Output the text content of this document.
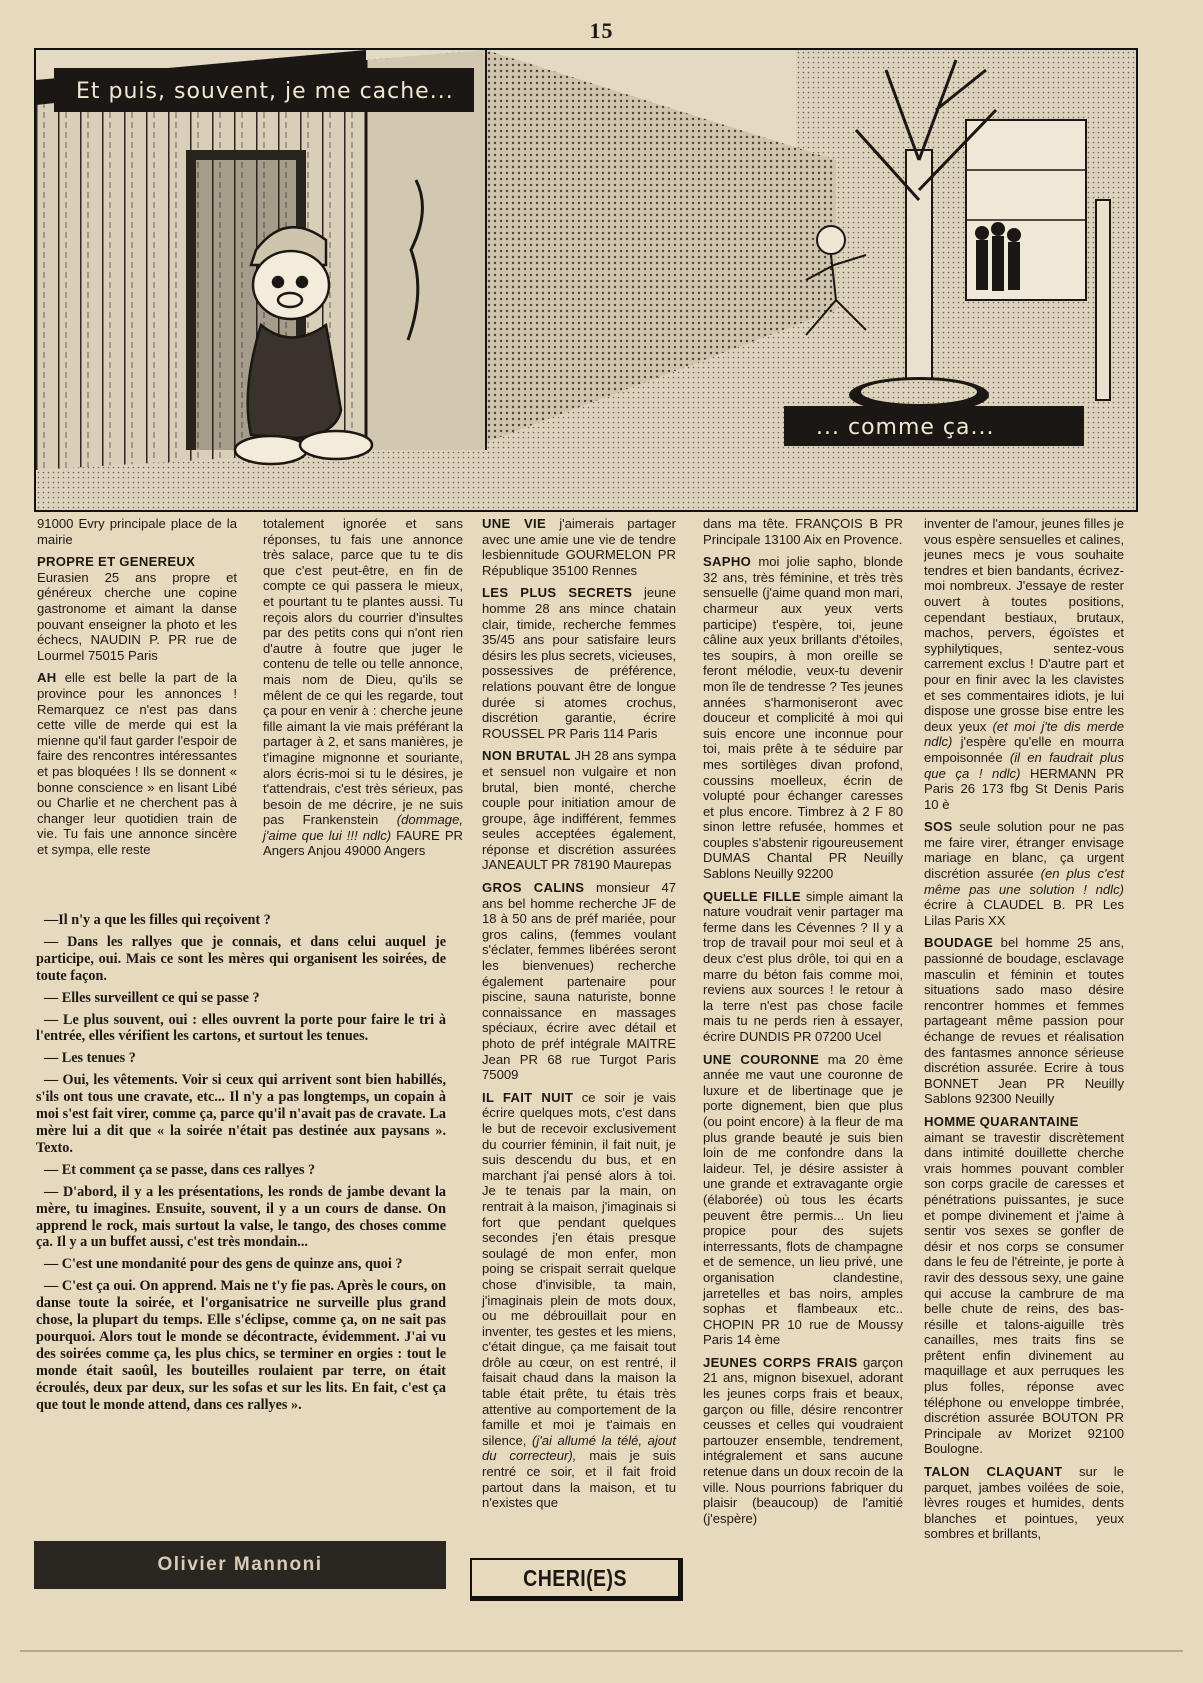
15
Et puis, souvent, je me cache...
... comme ça...

91000 Evry principale place de la mairie

PROPRE ET GENEREUX
Eurasien 25 ans propre et généreux cherche une copine gastronome et aimant la danse pouvant enseigner la photo et les échecs, NAUDIN P. PR rue de Lourmel 75015 Paris

AH elle est belle la part de la province pour les annonces ! Remarquez ce n'est pas dans cette ville de merde qui est la mienne qu'il faut garder l'espoir de faire des rencontres intéressantes et pas bloquées ! Ils se donnent « bonne conscience » en lisant Libé ou Charlie et ne cherchent pas à changer leur quotidien train de vie. Tu fais une annonce sincère et sympa, elle reste

totalement ignorée et sans réponses, tu fais une annonce très salace, parce que tu te dis que c'est peut-être, en fin de compte ce qui passera le mieux, et pourtant tu te plantes aussi. Tu reçois alors du courrier d'insultes par des petits cons qui n'ont rien d'autre à foutre que juger le contenu de telle ou telle annonce, mais nom de Dieu, qu'ils se mêlent de ce qui les regarde, tout ça pour en venir à : cherche jeune fille aimant la vie mais préférant la partager à 2, et sans manières, je t'imagine mignonne et souriante, alors écris-moi si tu le désires, je t'attendrais, c'est très sérieux, pas besoin de me décrire, je ne suis pas Frankenstein (dommage, j'aime que lui !!! ndlc) FAURE PR Angers Anjou 49000 Angers

—Il n'y a que les filles qui reçoivent ?

— Dans les rallyes que je connais, et dans celui auquel je participe, oui. Mais ce sont les mères qui organisent les soirées, de toute façon.

— Elles surveillent ce qui se passe ?

— Le plus souvent, oui : elles ouvrent la porte pour faire le tri à l'entrée, elles vérifient les cartons, et surtout les tenues.

— Les tenues ?

— Oui, les vêtements. Voir si ceux qui arrivent sont bien habillés, s'ils ont tous une cravate, etc... Il n'y a pas longtemps, un copain à moi s'est fait virer, comme ça, parce qu'il n'avait pas de cravate. La mère lui a dit que « la soirée n'était pas destinée aux paysans ». Texto.

— Et comment ça se passe, dans ces rallyes ?

— D'abord, il y a les présentations, les ronds de jambe devant la mère, tu imagines. Ensuite, souvent, il y a un cours de danse. On apprend le rock, mais surtout la valse, le tango, des choses comme ça. Il y a un buffet aussi, c'est très mondain...

— C'est une mondanité pour des gens de quinze ans, quoi ?

— C'est ça oui. On apprend. Mais ne t'y fie pas. Après le cours, on danse toute la soirée, et l'organisatrice ne surveille plus grand chose, la plupart du temps. Elle s'éclipse, comme ça, on ne sait pas pourquoi. Alors tout le monde se décontracte, évidemment. J'ai vu des soirées comme ça, les plus chics, se terminer en orgies : tout le monde était saoûl, les bouteilles roulaient par terre, on était écroulés, deux par deux, sur les sofas et sur les lits. En fait, c'est ça que tout le monde attend, dans ces rallyes ».

Olivier Mannoni

UNE VIE j'aimerais partager avec une amie une vie de tendre lesbiennitude GOURMELON PR République 35100 Rennes

LES PLUS SECRETS jeune homme 28 ans mince chatain clair, timide, recherche femmes 35/45 ans pour satisfaire leurs désirs les plus secrets, vicieuses, possessives de préférence, relations pouvant être de longue durée si atomes crochus, discrétion garantie, écrire ROUSSEL PR Paris 114 Paris

NON BRUTAL JH 28 ans sympa et sensuel non vulgaire et non brutal, bien monté, cherche couple pour initiation amour de groupe, âge indifférent, femmes seules acceptées également, réponse et discrétion assurées JANEAULT PR 78190 Maurepas

GROS CALINS monsieur 47 ans bel homme recherche JF de 18 à 50 ans de préf mariée, pour gros calins, (femmes voulant s'éclater, femmes libérées seront les bienvenues) recherche également partenaire pour piscine, sauna naturiste, bonne connaissance en massages spéciaux, écrire avec détail et photo de préf intégrale MAITRE Jean PR 68 rue Turgot Paris 75009

IL FAIT NUIT ce soir je vais écrire quelques mots, c'est dans le but de recevoir exclusivement du courrier féminin, il fait nuit, je suis descendu du bus, et en marchant j'ai pensé alors à toi. Je te tenais par la main, on rentrait à la maison, j'imaginais si fort que pendant quelques secondes j'en étais presque soulagé de mon enfer, mon poing se crispait serrait quelque chose d'invisible, ta main, j'imaginais plein de mots doux, ou me débrouillait pour en inventer, tes gestes et les miens, c'était dingue, ça me faisait tout drôle au cœur, on est rentré, il faisait chaud dans la maison la table était prête, tu étais très attentive au comportement de la famille et moi je t'aimais en silence, (j'ai allumé la télé, ajout du correcteur), mais je suis rentré ce soir, et il fait froid partout dans la maison, et tu n'existes que

CHERI(E)S

dans ma tête. FRANÇOIS B PR Principale 13100 Aix en Provence.

SAPHO moi jolie sapho, blonde 32 ans, très féminine, et très très sensuelle (j'aime quand mon mari, charmeur aux yeux verts participe) t'espère, toi, jeune câline aux yeux brillants d'étoiles, tes soupirs, à mon oreille se feront mélodie, veux-tu devenir mon île de tendresse ? Tes jeunes années s'harmoniseront avec douceur et complicité à moi qui suis encore une inconnue pour toi, mais prête à te séduire par mes sortilèges divan profond, coussins moelleux, écrin de volupté pour échanger caresses et plus encore. Timbrez à 2 F 80 sinon lettre refusée, hommes et couples s'abstenir rigoureusement DUMAS Chantal PR Neuilly Sablons Neuilly 92200

QUELLE FILLE simple aimant la nature voudrait venir partager ma ferme dans les Cévennes ? Il y a trop de travail pour moi seul et à deux c'est plus drôle, toi qui en a marre du béton fais comme moi, reviens aux sources ! le retour à la terre n'est pas chose facile mais tu ne perds rien à essayer, écrire DUNDIS PR 07200 Ucel

UNE COURONNE ma 20 ème année me vaut une couronne de luxure et de libertinage que je porte dignement, bien que plus (ou point encore) à la fleur de ma plus grande beauté je suis bien loin de me confondre dans la laideur. Tel, je désire assister à une grande et extravagante orgie (élaborée) où tous les écarts peuvent être permis... Un lieu propice pour des sujets interressants, flots de champagne et de semence, un lieu privé, une organisation clandestine, jarretelles et bas noirs, amples sophas et flambeaux etc.. CHOPIN PR 10 rue de Moussy Paris 14 ème

JEUNES CORPS FRAIS garçon 21 ans, mignon bisexuel, adorant les jeunes corps frais et beaux, garçon ou fille, désire rencontrer ceusses et celles qui voudraient partouzer ensemble, tendrement, intégralement et sans aucune retenue dans un doux recoin de la ville. Nous pourrions fabriquer du plaisir (beaucoup) de l'amitié (j'espère)

inventer de l'amour, jeunes filles je vous espère sensuelles et calines, jeunes mecs je vous souhaite tendres et bien bandants, écrivez-moi nombreux. J'essaye de rester ouvert à toutes positions, cependant bestiaux, brutaux, machos, pervers, égoïstes et syphilytiques, sentez-vous carrement exclus ! D'autre part et pour en finir avec la les clavistes et ses commentaires idiots, je lui dispose une grosse bise entre les deux yeux (et moi j'te dis merde ndlc) j'espère qu'elle en mourra empoisonnée (il en faudrait plus que ça ! ndlc) HERMANN PR Paris 26 173 fbg St Denis Paris 10 è

SOS seule solution pour ne pas me faire virer, étranger envisage mariage en blanc, ça urgent discrétion assurée (en plus c'est même pas une solution ! ndlc) écrire à CLAUDEL B. PR Les Lilas Paris XX

BOUDAGE bel homme 25 ans, passionné de boudage, esclavage masculin et féminin et toutes situations sado maso désire rencontrer hommes et femmes partageant même passion pour échange de revues et réalisation des fantasmes annonce sérieuse discrétion assurée. Ecrire à tous BONNET Jean PR Neuilly Sablons 92300 Neuilly

HOMME QUARANTAINE
aimant se travestir discrètement dans intimité douillette cherche vrais hommes pouvant combler son corps gracile de caresses et pénétrations puissantes, je suce et pompe divinement et j'aime à sentir vos sexes se gonfler de désir et nos corps se consumer dans le feu de l'étreinte, je porte à ravir des dessous sexy, une gaine qui accuse la cambrure de ma belle chute de reins, des bas-résille et talons-aiguille très canailles, mes traits fins se prêtent enfin divinement au maquillage et aux perruques les plus folles, réponse avec téléphone ou enveloppe timbrée, discrétion assurée BOUTON PR Principale av Morizet 92100 Boulogne.

TALON CLAQUANT sur le parquet, jambes voilées de soie, lèvres rouges et humides, dents blanches et pointues, yeux sombres et brillants,
